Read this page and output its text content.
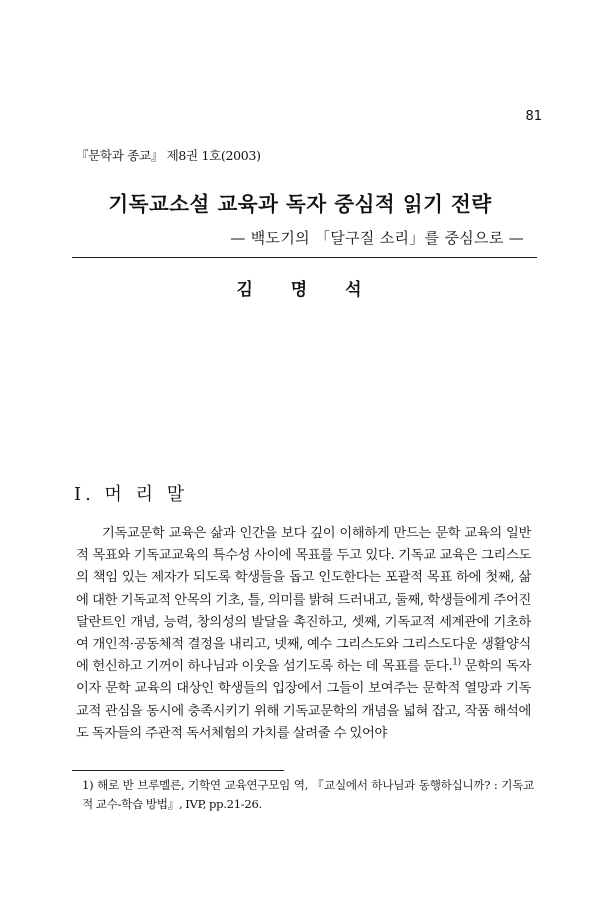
81
『문학과 종교』 제8권 1호(2003)
기독교소설 교육과 독자 중심적 읽기 전략
— 백도기의 「달구질 소리」를 중심으로 —
김 명 석
Ⅰ. 머 리 말
기독교문학 교육은 삶과 인간을 보다 깊이 이해하게 만드는 문학 교육의 일반적 목표와 기독교교육의 특수성 사이에 목표를 두고 있다. 기독교 교육은 그리스도의 책임 있는 제자가 되도록 학생들을 돕고 인도한다는 포괄적 목표 하에 첫째, 삶에 대한 기독교적 안목의 기초, 틀, 의미를 밝혀 드러내고, 둘째, 학생들에게 주어진 달란트인 개념, 능력, 창의성의 발달을 촉진하고, 셋째, 기독교적 세계관에 기초하여 개인적·공동체적 결정을 내리고, 넷째, 예수 그리스도와 그리스도다운 생활양식에 헌신하고 기꺼이 하나님과 이웃을 섬기도록 하는 데 목표를 둔다.$^{1)}$ 문학의 독자이자 문학 교육의 대상인 학생들의 입장에서 그들이 보여주는 문학적 열망과 기독교적 관심을 동시에 충족시키기 위해 기독교문학의 개념을 넓혀 잡고, 작품 해석에도 독자들의 주관적 독서체험의 가치를 살려줄 수 있어야
1) 해로 반 브루멜른, 기학연 교육연구모임 역, 『교실에서 하나님과 동행하십니까? : 기독교적 교수-학습 방법』, IVP, pp.21-26.
